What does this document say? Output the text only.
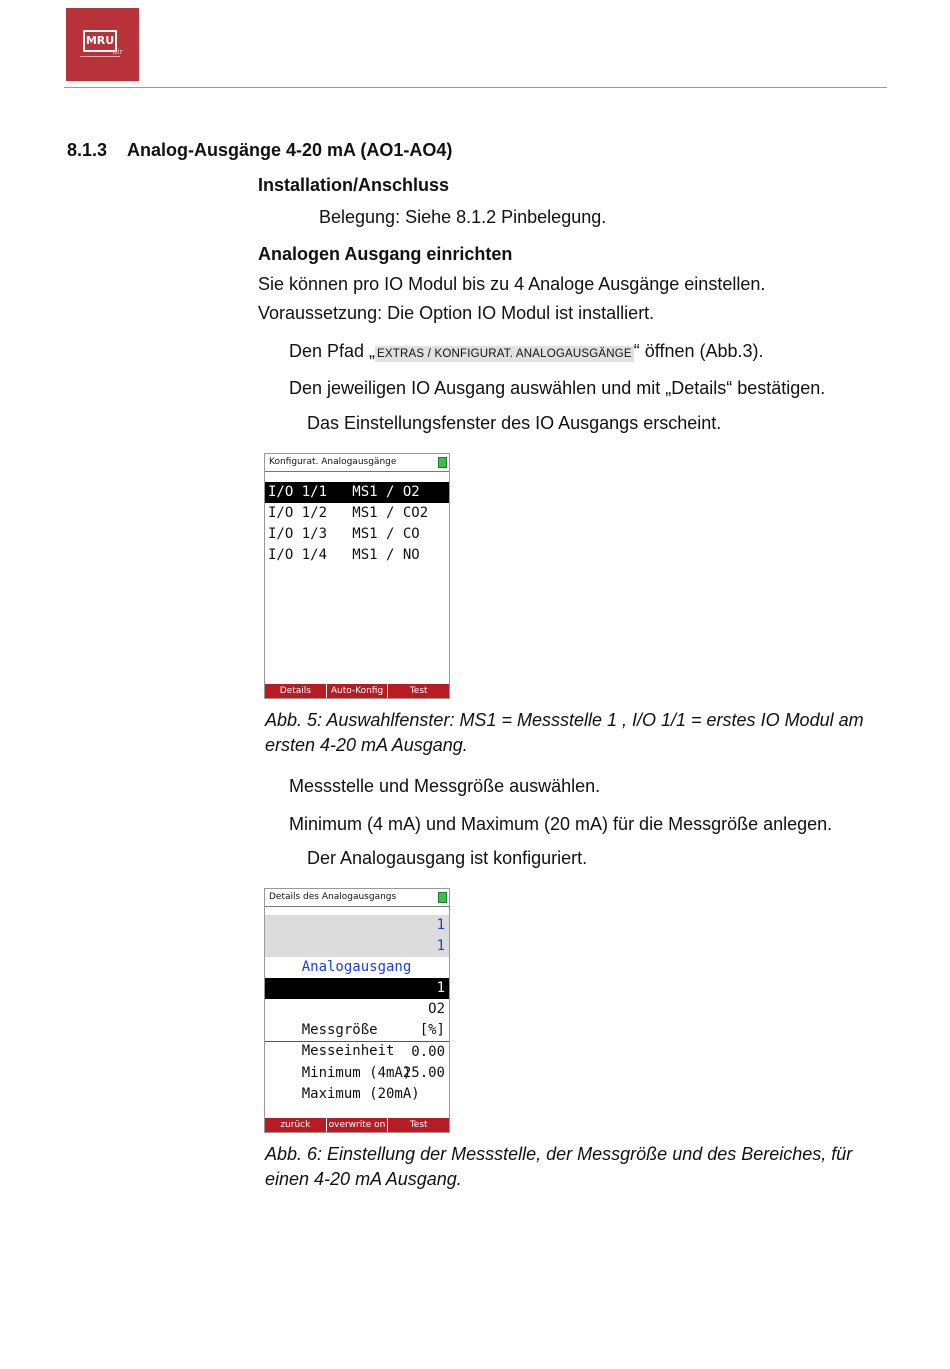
MRU
air
8.1.3 Analog-Ausgänge 4-20 mA (AO1-AO4)
Installation/Anschluss
Belegung: Siehe 8.1.2 Pinbelegung.
Analogen Ausgang einrichten
Sie können pro IO Modul bis zu 4 Analoge Ausgänge einstellen.
Voraussetzung: Die Option IO Modul ist installiert.
Den Pfad „ EXTRAS / KONFIGURAT. ANALOGAUSGÄNGE “ öffnen (Abb.3).
Den jeweiligen IO Ausgang auswählen und mit „Details“ bestätigen.
Das Einstellungsfenster des IO Ausgangs erscheint.
Konfigurat. Analogausgänge
I/O 1/1   MS1 / O2
I/O 1/2   MS1 / CO2
I/O 1/3   MS1 / CO
I/O 1/4   MS1 / NO
Details	Auto-Konfig	Test
Abb. 5: Auswahlfenster: MS1 = Messstelle 1 , I/O 1/1 = erstes IO Modul am ersten 4-20 mA Ausgang.
Messstelle und Messgröße auswählen.
Minimum (4 mA) und Maximum (20 mA) für die Messgröße anlegen.
Der Analogausgang ist konfiguriert.
Details des Analogausgangs

1

Analogausgang
1

Messstelle
1

Messgröße
O2

Messeinheit
[%]

Minimum (4mA)
0.00

Maximum (20mA)
25.00

zurück	overwrite on	Test
Abb. 6: Einstellung der Messstelle, der Messgröße und des Bereiches, für einen 4-20 mA Ausgang.
